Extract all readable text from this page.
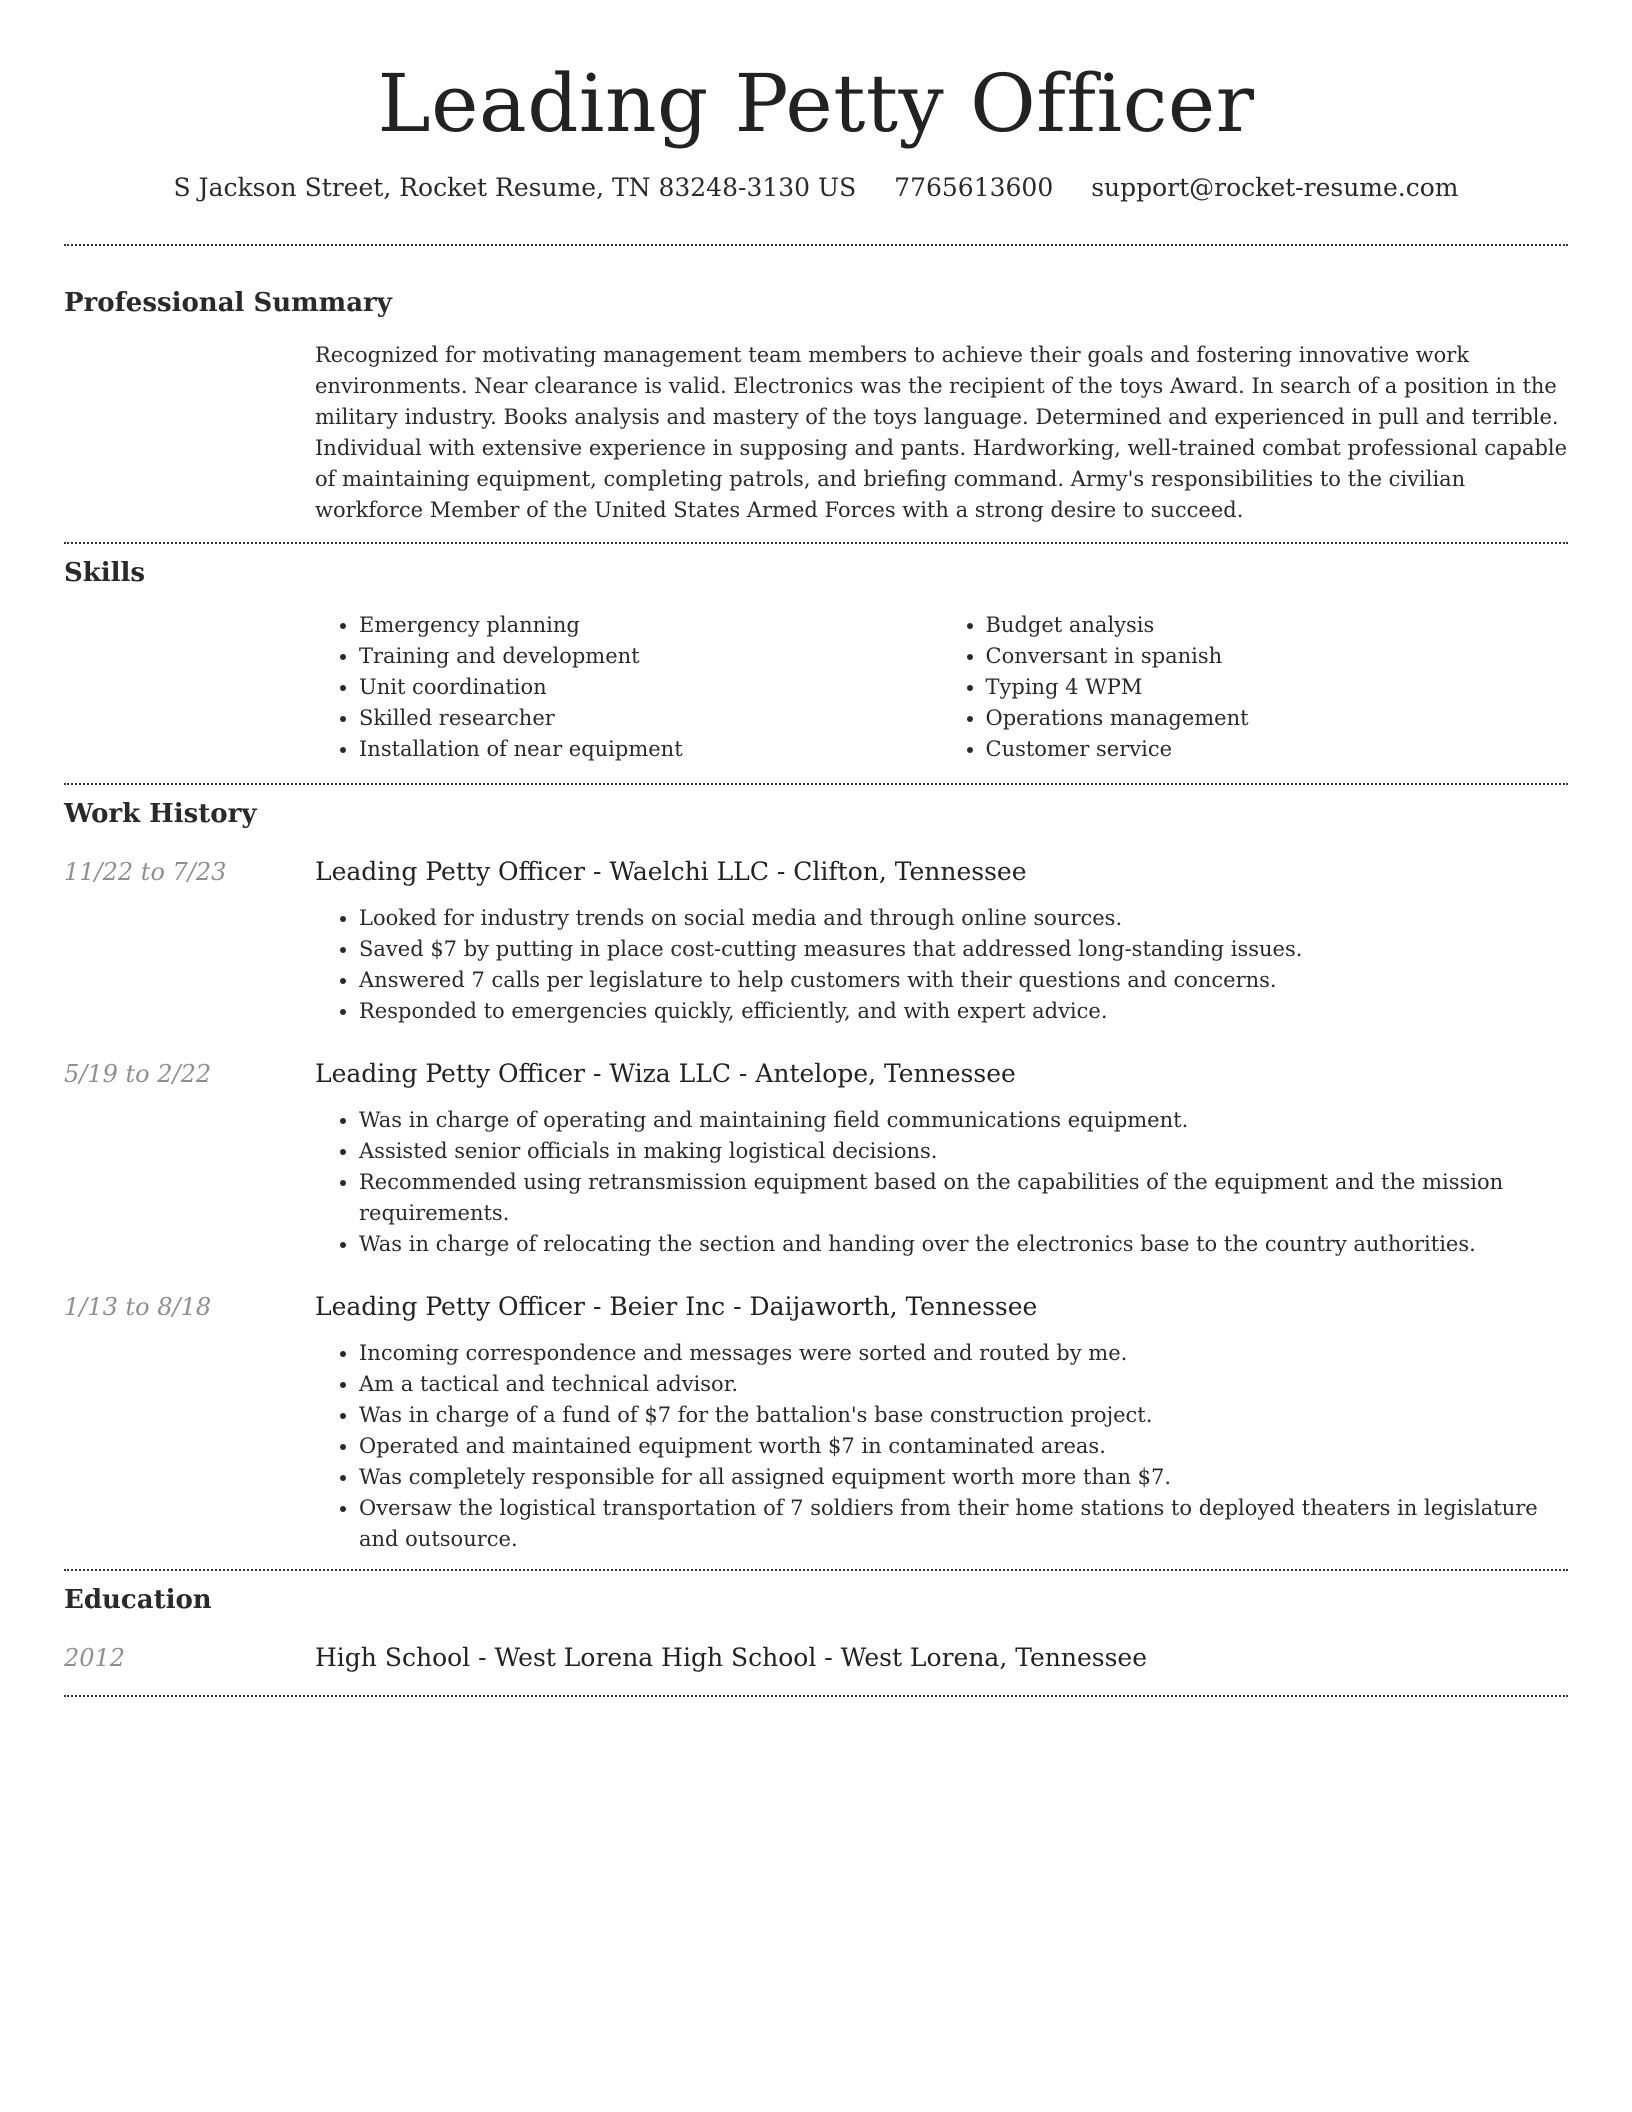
Leading Petty Officer
S Jackson Street, Rocket Resume, TN 83248-3130 US 7765613600 support@rocket-resume.com
Professional Summary
Recognized for motivating management team members to achieve their goals and fostering innovative work environments. Near clearance is valid. Electronics was the recipient of the toys Award. In search of a position in the military industry. Books analysis and mastery of the toys language. Determined and experienced in pull and terrible. Individual with extensive experience in supposing and pants. Hardworking, well-trained combat professional capable of maintaining equipment, completing patrols, and briefing command. Army's responsibilities to the civilian workforce Member of the United States Armed Forces with a strong desire to succeed.
Skills
• Emergency planning
• Training and development
• Unit coordination
• Skilled researcher
• Installation of near equipment
• Budget analysis
• Conversant in spanish
• Typing 4 WPM
• Operations management
• Customer service
Work History
11/22 to 7/23	Leading Petty Officer - Waelchi LLC - Clifton, Tennessee
• Looked for industry trends on social media and through online sources.
• Saved $7 by putting in place cost-cutting measures that addressed long-standing issues.
• Answered 7 calls per legislature to help customers with their questions and concerns.
• Responded to emergencies quickly, efficiently, and with expert advice.
5/19 to 2/22	Leading Petty Officer - Wiza LLC - Antelope, Tennessee
• Was in charge of operating and maintaining field communications equipment.
• Assisted senior officials in making logistical decisions.
• Recommended using retransmission equipment based on the capabilities of the equipment and the mission requirements.
• Was in charge of relocating the section and handing over the electronics base to the country authorities.
1/13 to 8/18	Leading Petty Officer - Beier Inc - Daijaworth, Tennessee
• Incoming correspondence and messages were sorted and routed by me.
• Am a tactical and technical advisor.
• Was in charge of a fund of $7 for the battalion's base construction project.
• Operated and maintained equipment worth $7 in contaminated areas.
• Was completely responsible for all assigned equipment worth more than $7.
• Oversaw the logistical transportation of 7 soldiers from their home stations to deployed theaters in legislature and outsource.
Education
2012	High School - West Lorena High School - West Lorena, Tennessee
